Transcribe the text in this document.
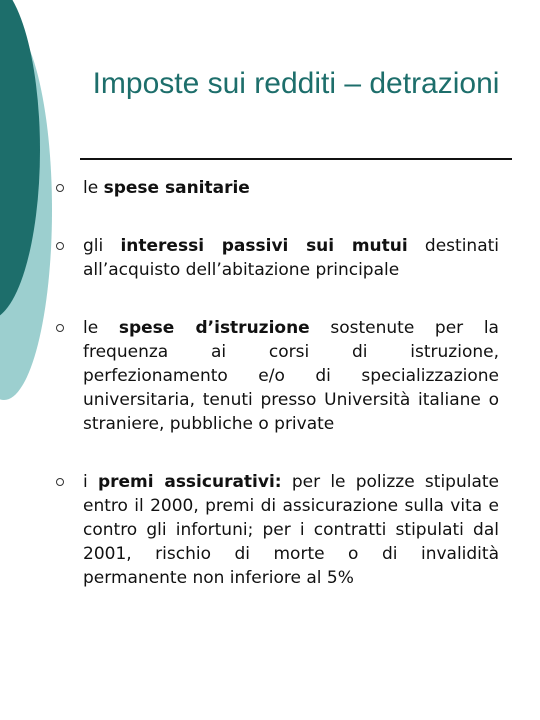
Imposte sui redditi – detrazioni
le spese sanitarie
gli interessi passivi sui mutui destinati all’acquisto dell’abitazione principale
le spese d’istruzione sostenute per la frequenza ai corsi di istruzione, perfezionamento e/o di specializzazione universitaria, tenuti presso Università italiane o straniere, pubbliche o private
i premi assicurativi: per le polizze stipulate entro il 2000, premi di assicurazione sulla vita e contro gli infortuni; per i contratti stipulati dal 2001, rischio di morte o di invalidità permanente non inferiore al 5%
